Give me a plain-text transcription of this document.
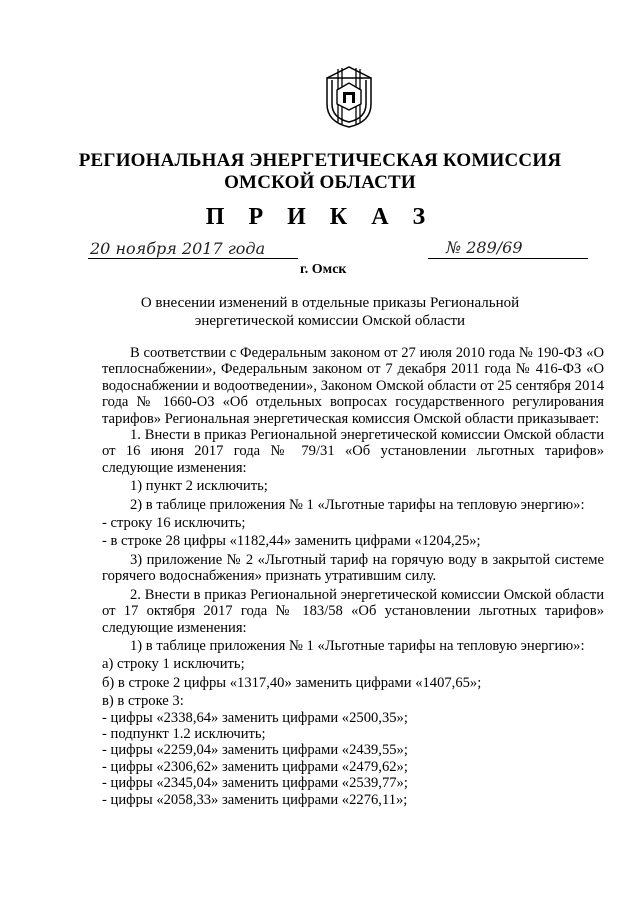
РЕГИОНАЛЬНАЯ ЭНЕРГЕТИЧЕСКАЯ КОМИССИЯ
ОМСКОЙ ОБЛАСТИ
П Р И К А З
20 ноября 2017 года	№ 289/69
г. Омск
О внесении изменений в отдельные приказы Региональной
энергетической комиссии Омской области

В соответствии с Федеральным законом от 27 июля 2010 года № 190-ФЗ «О теплоснабжении», Федеральным законом от 7 декабря 2011 года № 416-ФЗ «О водоснабжении и водоотведении», Законом Омской области от 25 сентября 2014 года № 1660-ОЗ «Об отдельных вопросах государственного регулирования тарифов» Региональная энергетическая комиссия Омской области приказывает:

1. Внести в приказ Региональной энергетической комиссии Омской области от 16 июня 2017 года № 79/31 «Об установлении льготных тарифов» следующие изменения:

1) пункт 2 исключить;

2) в таблице приложения № 1 «Льготные тарифы на тепловую энергию»:

- строку 16 исключить;

- в строке 28 цифры «1182,44» заменить цифрами «1204,25»;

3) приложение № 2 «Льготный тариф на горячую воду в закрытой системе горячего водоснабжения» признать утратившим силу.

2. Внести в приказ Региональной энергетической комиссии Омской области от 17 октября 2017 года № 183/58 «Об установлении льготных тарифов» следующие изменения:

1) в таблице приложения № 1 «Льготные тарифы на тепловую энергию»:

а) строку 1 исключить;

б) в строке 2 цифры «1317,40» заменить цифрами «1407,65»;

в) в строке 3:

- цифры «2338,64» заменить цифрами «2500,35»;

- подпункт 1.2 исключить;

- цифры «2259,04» заменить цифрами «2439,55»;

- цифры «2306,62» заменить цифрами «2479,62»;

- цифры «2345,04» заменить цифрами «2539,77»;

- цифры «2058,33» заменить цифрами «2276,11»;
